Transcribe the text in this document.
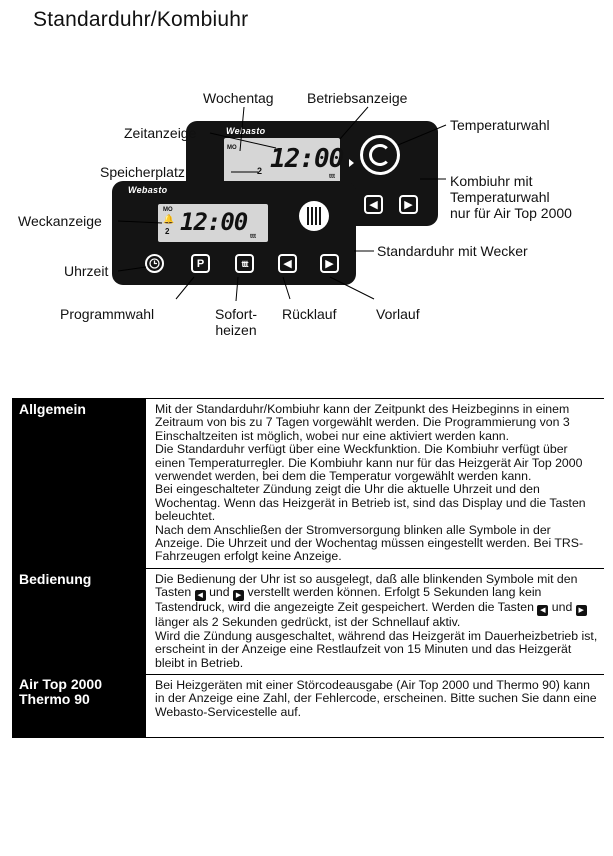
Standarduhr/Kombiuhr
Webasto
MO
2 12:00
ttt
◀	▶
Webasto
MO
🔔
2 12:00
ttt
P	ttt	◀	▶
Wochentag Betriebsanzeige
Zeitanzeige
Speicherplatz
Temperaturwahl
Kombiuhr mit
Temperaturwahl
nur für Air Top 2000
Weckanzeige
Standarduhr mit Wecker
Uhrzeit
Programmwahl	Sofort-
heizen
Rücklauf	Vorlauf
Allgemein	Mit der Standarduhr/Kombiuhr kann der Zeitpunkt des Heizbeginns in einem Zeitraum von bis zu 7 Tagen vorgewählt werden. Die Programmierung von 3 Einschaltzeiten ist möglich, wobei nur eine aktiviert werden kann.

Die Standarduhr verfügt über eine Weckfunktion. Die Kombiuhr verfügt über einen Temperaturregler. Die Kombiuhr kann nur für das Heizgerät Air Top 2000 verwendet werden, bei dem die Temperatur vorgewählt werden kann.

Bei eingeschalteter Zündung zeigt die Uhr die aktuelle Uhrzeit und den Wochentag. Wenn das Heizgerät in Betrieb ist, sind das Display und die Tasten beleuchtet.

Nach dem Anschließen der Stromversorgung blinken alle Symbole in der Anzeige. Die Uhrzeit und der Wochentag müssen eingestellt werden. Bei TRS-Fahrzeugen erfolgt keine Anzeige.

Bedienung	Die Bedienung der Uhr ist so ausgelegt, daß alle blinkenden Symbole mit den Tasten ◀ und ▶ verstellt werden können. Erfolgt 5 Sekunden lang kein Tastendruck, wird die angezeigte Zeit gespeichert. Werden die Tasten ◀ und ▶ länger als 2 Sekunden gedrückt, ist der Schnellauf aktiv.

Wird die Zündung ausgeschaltet, während das Heizgerät im Dauerheizbetrieb ist, erscheint in der Anzeige eine Restlaufzeit von 15 Minuten und das Heizgerät bleibt in Betrieb.

Air Top 2000
Thermo 90	Bei Heizgeräten mit einer Störcodeausgabe (Air Top 2000 und Thermo 90) kann in der Anzeige eine Zahl, der Fehlercode, erscheinen. Bitte suchen Sie dann eine Webasto-Servicestelle auf.
